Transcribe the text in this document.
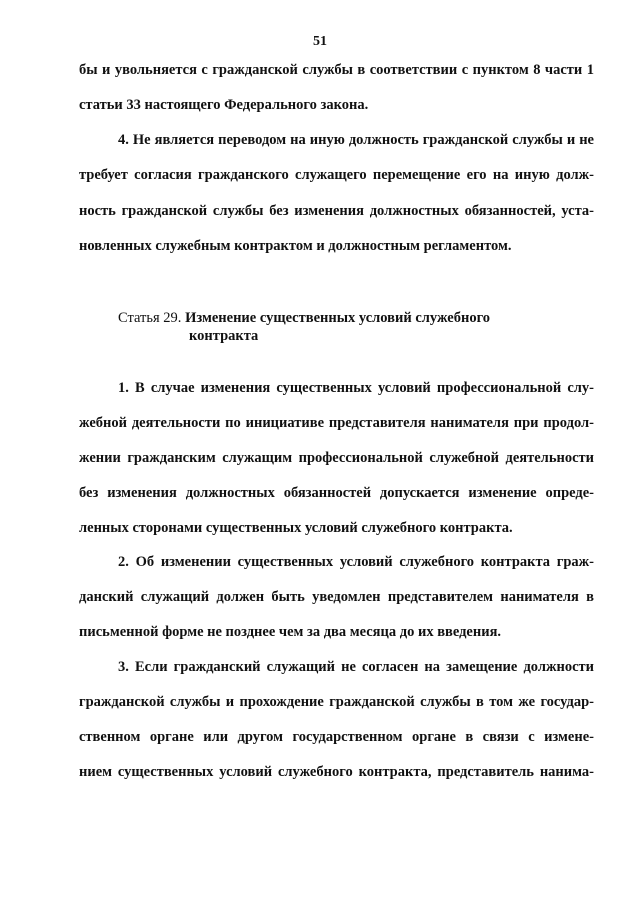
51
бы и увольняется с гражданской службы в соответствии с пунктом 8 части 1
статьи 33 настоящего Федерального закона.
4. Не является переводом на иную должность гражданской службы и не
требует согласия гражданского служащего перемещение его на иную долж-
ность гражданской службы без изменения должностных обязанностей, уста-
новленных служебным контрактом и должностным регламентом.
Статья 29. Изменение существенных условий служебного
контракта
1. В случае изменения существенных условий профессиональной слу-
жебной деятельности по инициативе представителя нанимателя при продол-
жении гражданским служащим профессиональной служебной деятельности
без изменения должностных обязанностей допускается изменение опреде-
ленных сторонами существенных условий служебного контракта.
2. Об изменении существенных условий служебного контракта граж-
данский служащий должен быть уведомлен представителем нанимателя в
письменной форме не позднее чем за два месяца до их введения.
3. Если гражданский служащий не согласен на замещение должности
гражданской службы и прохождение гражданской службы в том же государ-
ственном органе или другом государственном органе в связи с измене-
нием существенных условий служебного контракта, представитель нанима-
